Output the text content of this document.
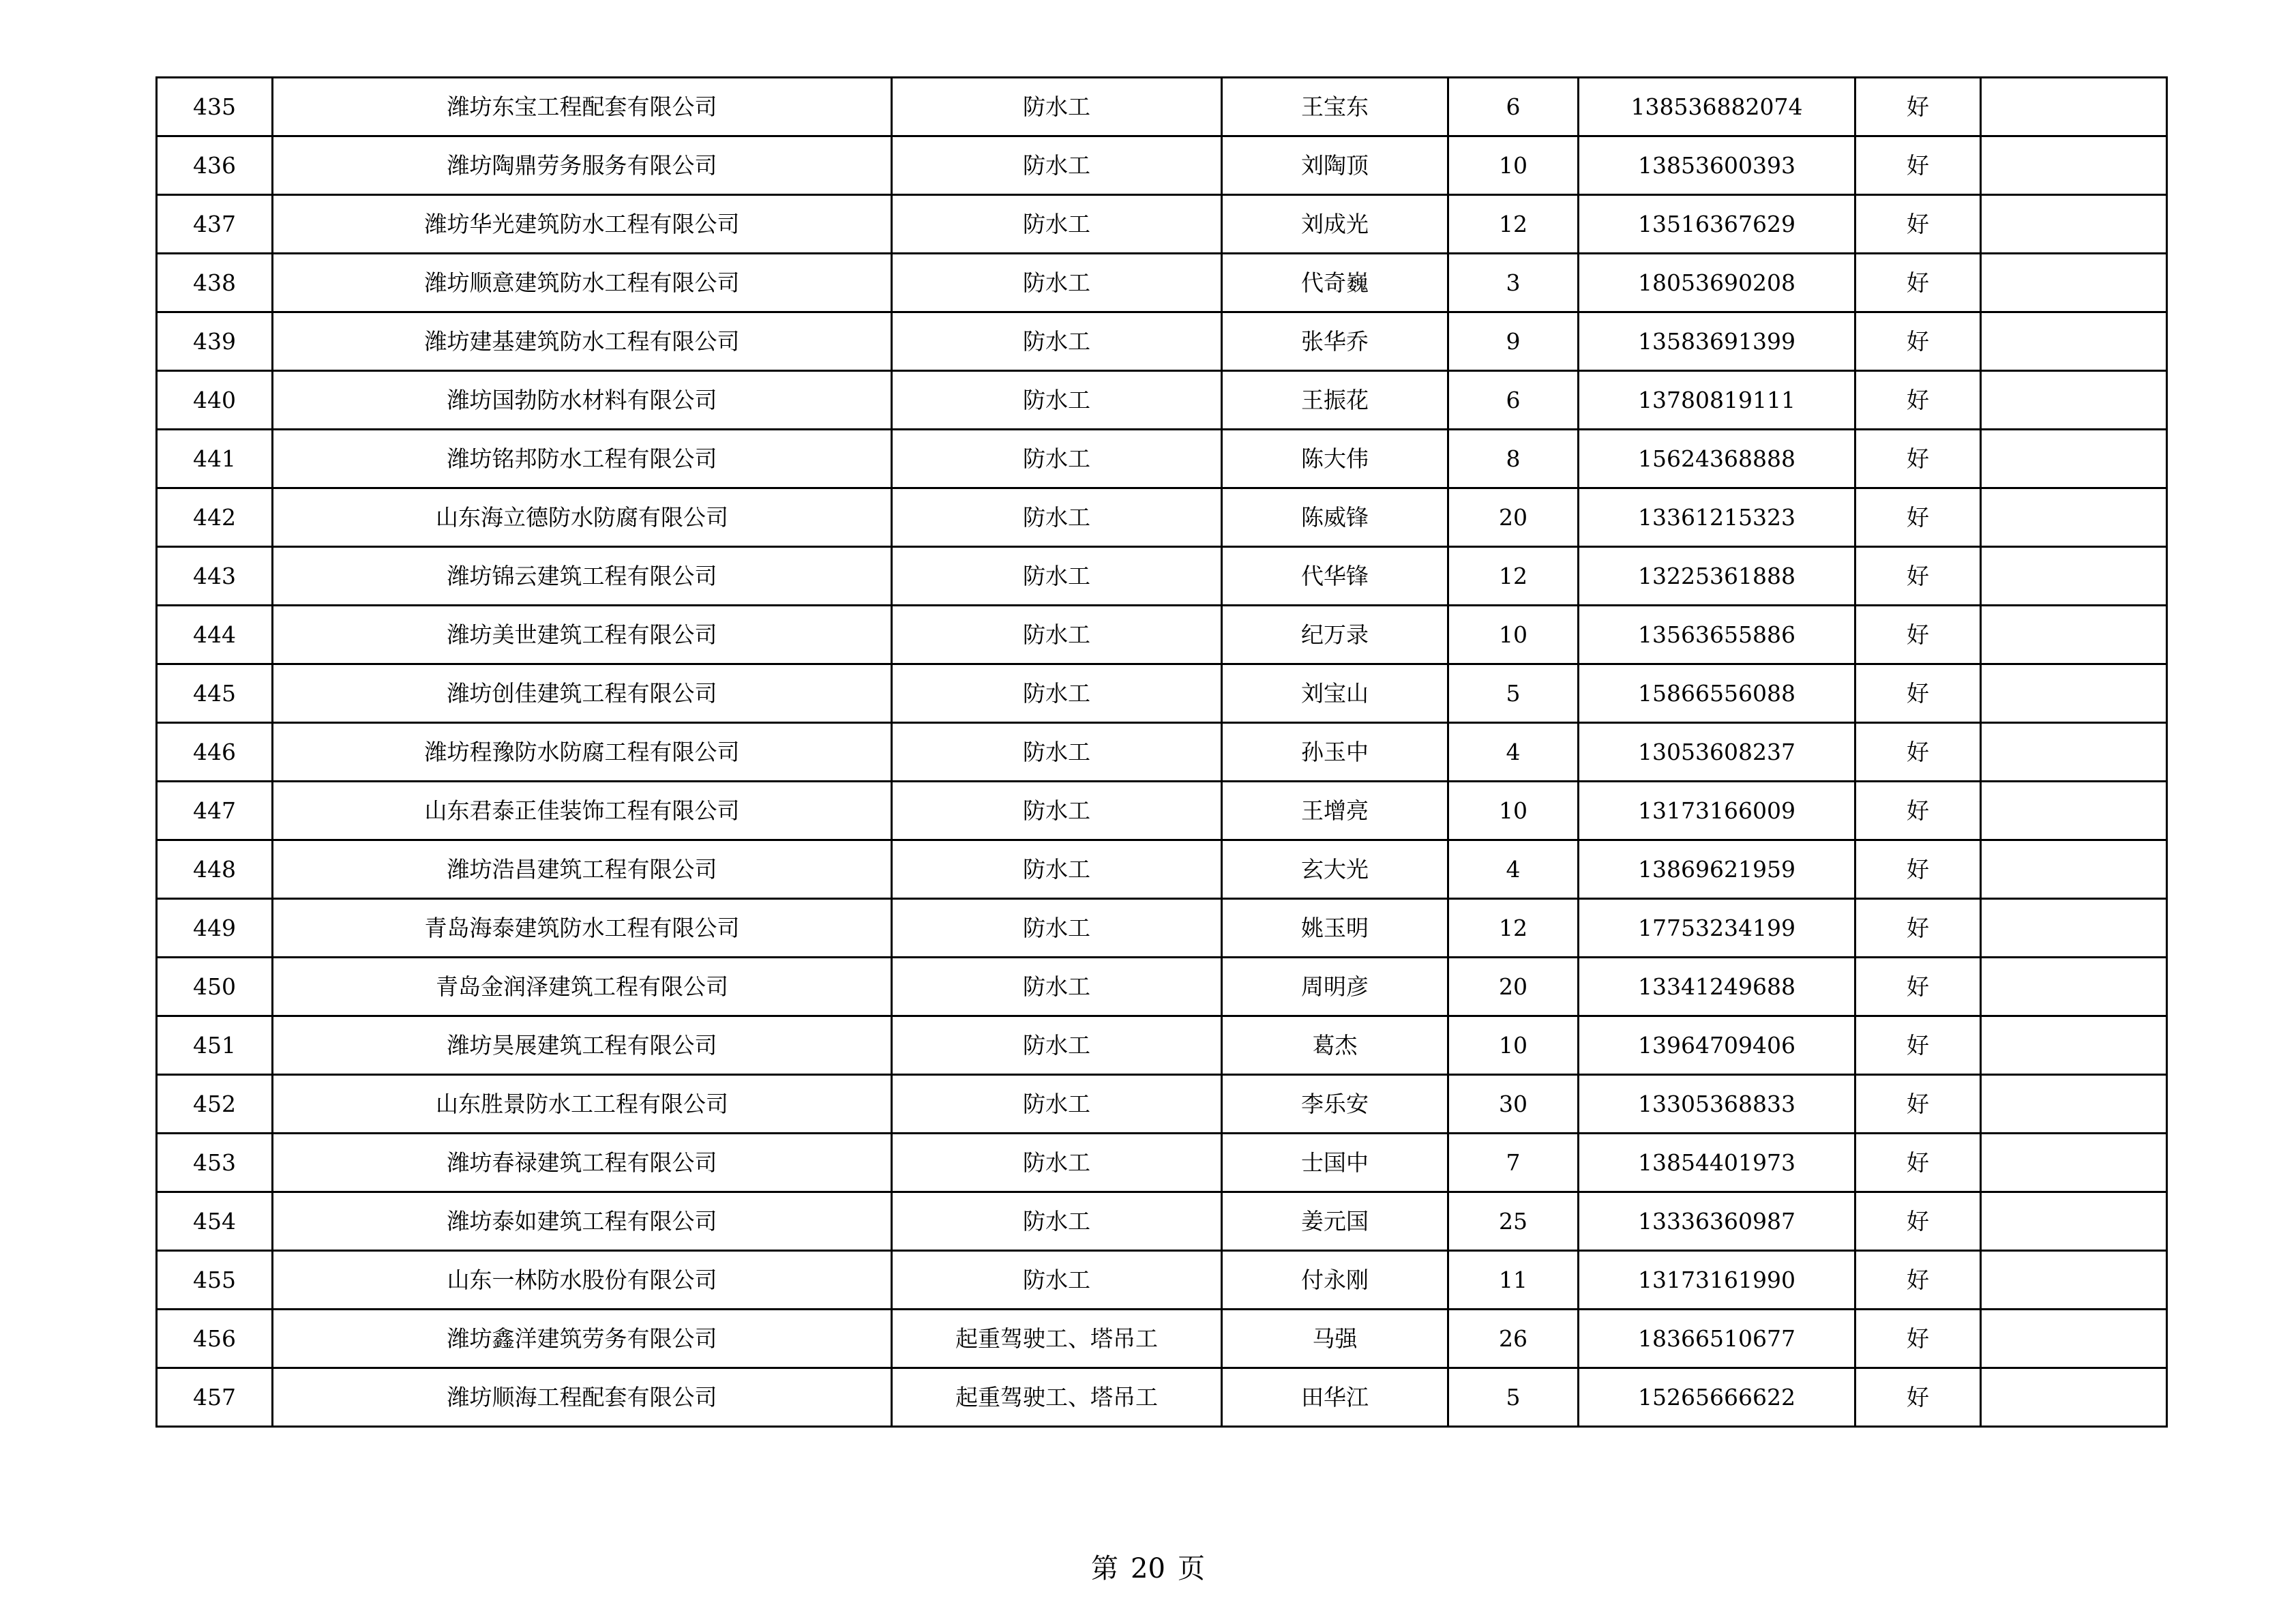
435	潍坊东宝工程配套有限公司	防水工	王宝东	6	138536882074	好	
436	潍坊陶鼎劳务服务有限公司	防水工	刘陶顶	10	13853600393	好	
437	潍坊华光建筑防水工程有限公司	防水工	刘成光	12	13516367629	好	
438	潍坊顺意建筑防水工程有限公司	防水工	代奇巍	3	18053690208	好	
439	潍坊建基建筑防水工程有限公司	防水工	张华乔	9	13583691399	好	
440	潍坊国勃防水材料有限公司	防水工	王振花	6	13780819111	好	
441	潍坊铭邦防水工程有限公司	防水工	陈大伟	8	15624368888	好	
442	山东海立德防水防腐有限公司	防水工	陈威锋	20	13361215323	好	
443	潍坊锦云建筑工程有限公司	防水工	代华锋	12	13225361888	好	
444	潍坊美世建筑工程有限公司	防水工	纪万录	10	13563655886	好	
445	潍坊创佳建筑工程有限公司	防水工	刘宝山	5	15866556088	好	
446	潍坊程豫防水防腐工程有限公司	防水工	孙玉中	4	13053608237	好	
447	山东君泰正佳装饰工程有限公司	防水工	王增亮	10	13173166009	好	
448	潍坊浩昌建筑工程有限公司	防水工	玄大光	4	13869621959	好	
449	青岛海泰建筑防水工程有限公司	防水工	姚玉明	12	17753234199	好	
450	青岛金润泽建筑工程有限公司	防水工	周明彦	20	13341249688	好	
451	潍坊昊展建筑工程有限公司	防水工	葛杰	10	13964709406	好	
452	山东胜景防水工工程有限公司	防水工	李乐安	30	13305368833	好	
453	潍坊春禄建筑工程有限公司	防水工	士国中	7	13854401973	好	
454	潍坊泰如建筑工程有限公司	防水工	姜元国	25	13336360987	好	
455	山东一林防水股份有限公司	防水工	付永刚	11	13173161990	好	
456	潍坊鑫洋建筑劳务有限公司	起重驾驶工、塔吊工	马强	26	18366510677	好	
457	潍坊顺海工程配套有限公司	起重驾驶工、塔吊工	田华江	5	15265666622	好	
第 20 页
